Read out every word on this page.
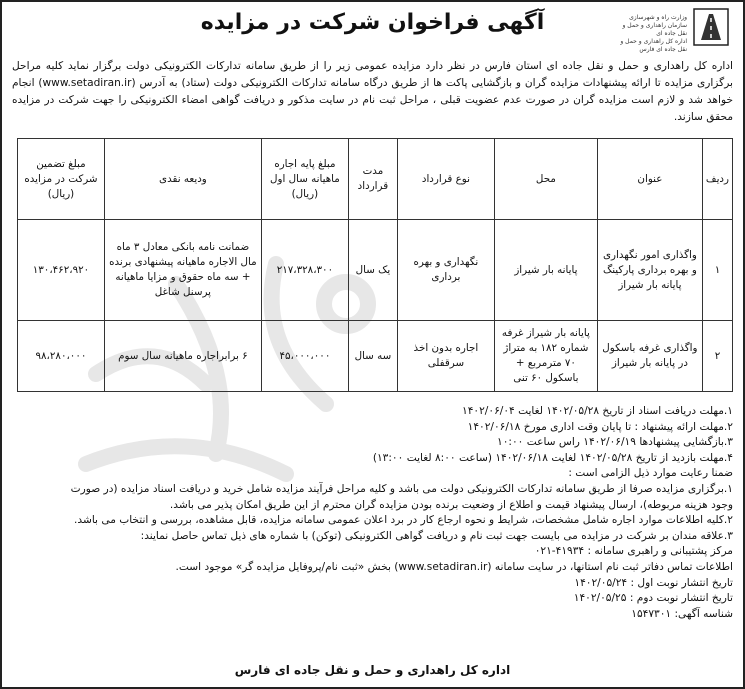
وزارت راه و شهرسازی
سازمان راهداری و حمل و نقل جاده ای
اداره کل راهداری و حمل و نقل جاده ای فارس
آگهی فراخوان شرکت در مزایده
اداره کل راهداری و حمل و نقل جاده ای استان فارس در نظر دارد مزایده عمومی زیر را از طریق سامانه تدارکات الکترونیکی دولت برگزار نماید کلیه مراحل برگزاری مزایده تا ارائه پیشنهادات مزایده گران و بازگشایی پاکت ها از طریق درگاه سامانه تدارکات الکترونیکی دولت (ستاد) به آدرس (www.setadiran.ir) انجام خواهد شد و لازم است مزایده گران در صورت عدم عضویت قبلی ، مراحل ثبت نام در سایت مذکور و دریافت گواهی امضاء الکترونیکی را جهت شرکت در مزایده محقق سازند.
ردیف	عنوان	محل	نوع قرارداد	مدت قرارداد	مبلغ پایه اجاره ماهیانه سال اول (ریال)	ودیعه نقدی	مبلغ تضمین شرکت در مزایده (ریال)
۱	واگذاری امور نگهداری و بهره برداری پارکینگ پایانه بار شیراز	پایانه بار شیراز	نگهداری و بهره برداری	یک سال	۲۱۷،۳۲۸،۳۰۰	ضمانت نامه بانکی معادل ۳ ماه مال الاجاره ماهیانه پیشنهادی برنده + سه ماه حقوق و مزایا ماهیانه پرسنل شاغل	۱۳۰،۴۶۲،۹۲۰
۲	واگذاری غرفه باسکول در پایانه بار شیراز	پایانه بار شیراز غرفه شماره ۱۸۲ به متراژ ۷۰ مترمربع + باسکول ۶۰ تنی	اجاره بدون اخذ سرقفلی	سه سال	۴۵،۰۰۰،۰۰۰	۶ برابراجاره ماهیانه سال سوم	۹۸،۲۸۰،۰۰۰
۱.مهلت دریافت اسناد از تاریخ ۱۴۰۲/۰۵/۲۸ لغایت ۱۴۰۲/۰۶/۰۴
۲.مهلت ارائه پیشنهاد : تا پایان وقت اداری مورخ ۱۴۰۲/۰۶/۱۸
۳.بازگشایی پیشنهادها ۱۴۰۲/۰۶/۱۹ راس ساعت ۱۰:۰۰
۴.مهلت بازدید از تاریخ ۱۴۰۲/۰۵/۲۸ لغایت ۱۴۰۲/۰۶/۱۸ (ساعت ۸:۰۰ لغایت ۱۳:۰۰)
ضمنا رعایت موارد ذیل الزامی است :
۱.برگزاری مزایده صرفا از طریق سامانه تدارکات الکترونیکی دولت می باشد و کلیه مراحل فرآیند مزایده شامل خرید و دریافت اسناد مزایده (در صورت
وجود هزینه مربوطه)، ارسال پیشنهاد قیمت و اطلاع از وضعیت برنده بودن مزایده گران محترم از این طریق امکان پذیر می باشد.
۲.کلیه اطلاعات موارد اجاره شامل مشخصات، شرایط و نحوه ارجاع کار در برد اعلان عمومی سامانه مزایده، قابل مشاهده، بررسی و انتخاب می باشد.
۳.علاقه مندان بر شرکت در مزایده می بایست جهت ثبت نام و دریافت گواهی الکترونیکی (توکن) با شماره های ذیل تماس حاصل نمایند:
مرکز پشتیبانی و راهبری سامانه : ۴۱۹۳۴-۰۲۱
اطلاعات تماس دفاتر ثبت نام استانها، در سایت سامانه (www.setadiran.ir) بخش «ثبت نام/پروفایل مزایده گر» موجود است.
تاریخ انتشار نوبت اول : ۱۴۰۲/۰۵/۲۴
تاریخ انتشار نوبت دوم : ۱۴۰۲/۰۵/۲۵
شناسه آگهی: ۱۵۴۷۳۰۱
اداره کل راهداری و حمل و نقل جاده ای فارس
